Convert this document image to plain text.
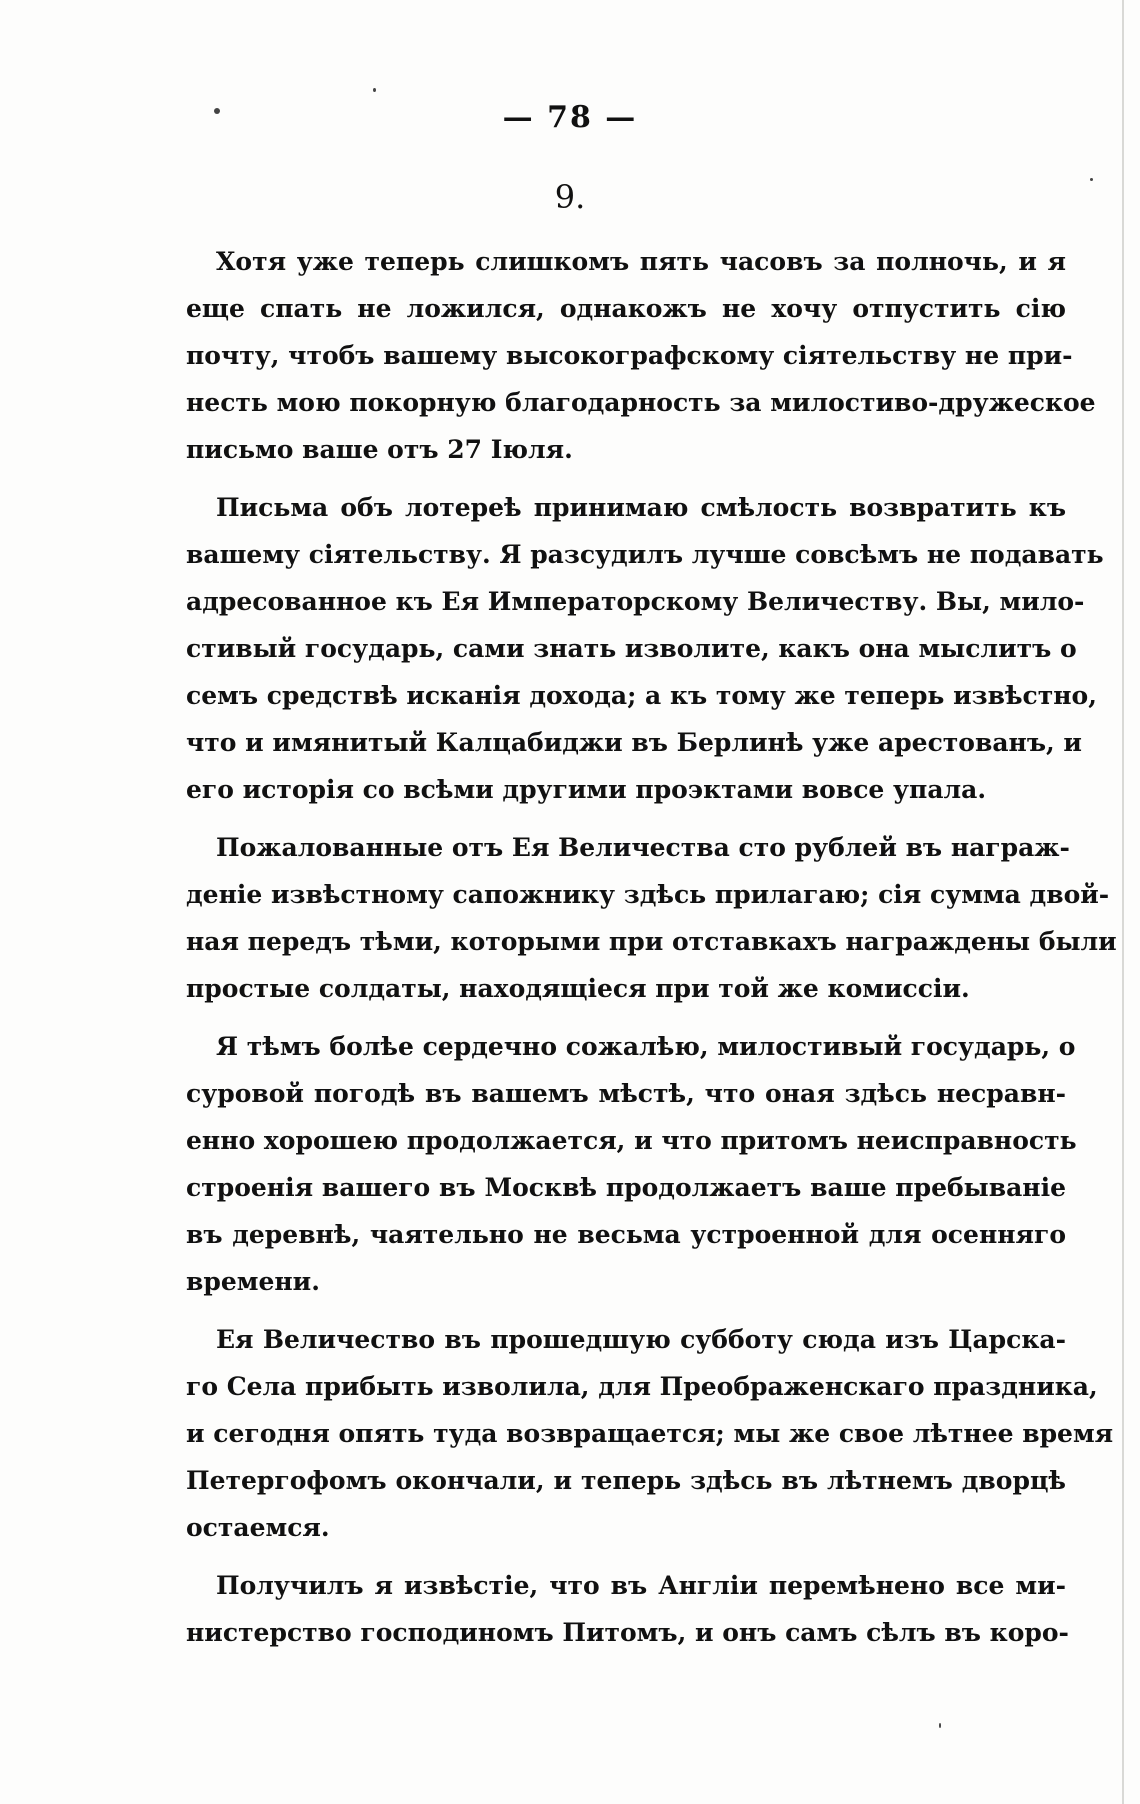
— 78 —
9.
Хотя уже теперь слишкомъ пять часовъ за полночь, и я
еще спать не ложился, однакожъ не хочу отпустить сію
почту, чтобъ вашему высокографскому сіятельству не при-
несть мою покорную благодарность за милостиво-дружеское
письмо ваше отъ 27 Іюля.
Письма объ лотерeѣ принимаю смѣлость возвратить къ
вашему сіятельству. Я разсудилъ лучше совсѣмъ не подавать
адресованное къ Ея Императорскому Величеству. Вы, мило-
стивый государь, сами знать изволите, какъ она мыслитъ о
семъ средствѣ исканія дохода; а къ тому же теперь извѣстно,
что и имянитый Калцабиджи въ Берлинѣ уже арестованъ, и
его исторія со всѣми другими проэктами вовсе упала.
Пожалованные отъ Ея Величества сто рублей въ награж-
деніе извѣстному сапожнику здѣсь прилагаю; сія сумма двой-
ная передъ тѣми, которыми при отставкахъ награждены были
простые солдаты, находящіеся при той же комиссіи.
Я тѣмъ болѣе сердечно сожалѣю, милостивый государь, о
суровой погодѣ въ вашемъ мѣстѣ, что оная здѣсь несравн-
енно хорошею продолжается, и что притомъ неисправность
строенія вашего въ Москвѣ продолжаетъ ваше пребываніе
въ деревнѣ, чаятельно не весьма устроенной для осенняго
времени.
Ея Величество въ прошедшую субботу сюда изъ Царска-
го Села прибыть изволила, для Преображенскаго праздника,
и сегодня опять туда возвращается; мы же свое лѣтнее время
Петергофомъ окончали, и теперь здѣсь въ лѣтнемъ дворцѣ
остаемся.
Получилъ я извѣстіе, что въ Англіи перемѣнено все ми-
нистерство господиномъ Питомъ, и онъ самъ сѣлъ въ коро-
